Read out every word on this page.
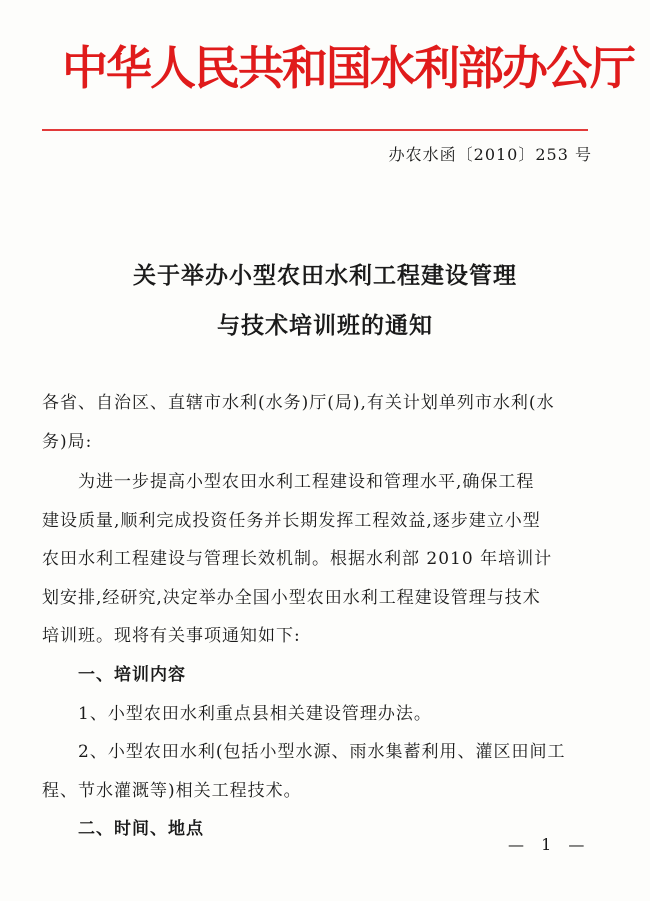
中华人民共和国水利部办公厅
办农水函〔2010〕253 号
关于举办小型农田水利工程建设管理
与技术培训班的通知
各省、自治区、直辖市水利(水务)厅(局),有关计划单列市水利(水
务)局:
为进一步提高小型农田水利工程建设和管理水平,确保工程
建设质量,顺利完成投资任务并长期发挥工程效益,逐步建立小型
农田水利工程建设与管理长效机制。根据水利部 2010 年培训计
划安排,经研究,决定举办全国小型农田水利工程建设管理与技术
培训班。现将有关事项通知如下:
一、培训内容
1、小型农田水利重点县相关建设管理办法。
2、小型农田水利(包括小型水源、雨水集蓄利用、灌区田间工
程、节水灌溉等)相关工程技术。
二、时间、地点
— 1 —
